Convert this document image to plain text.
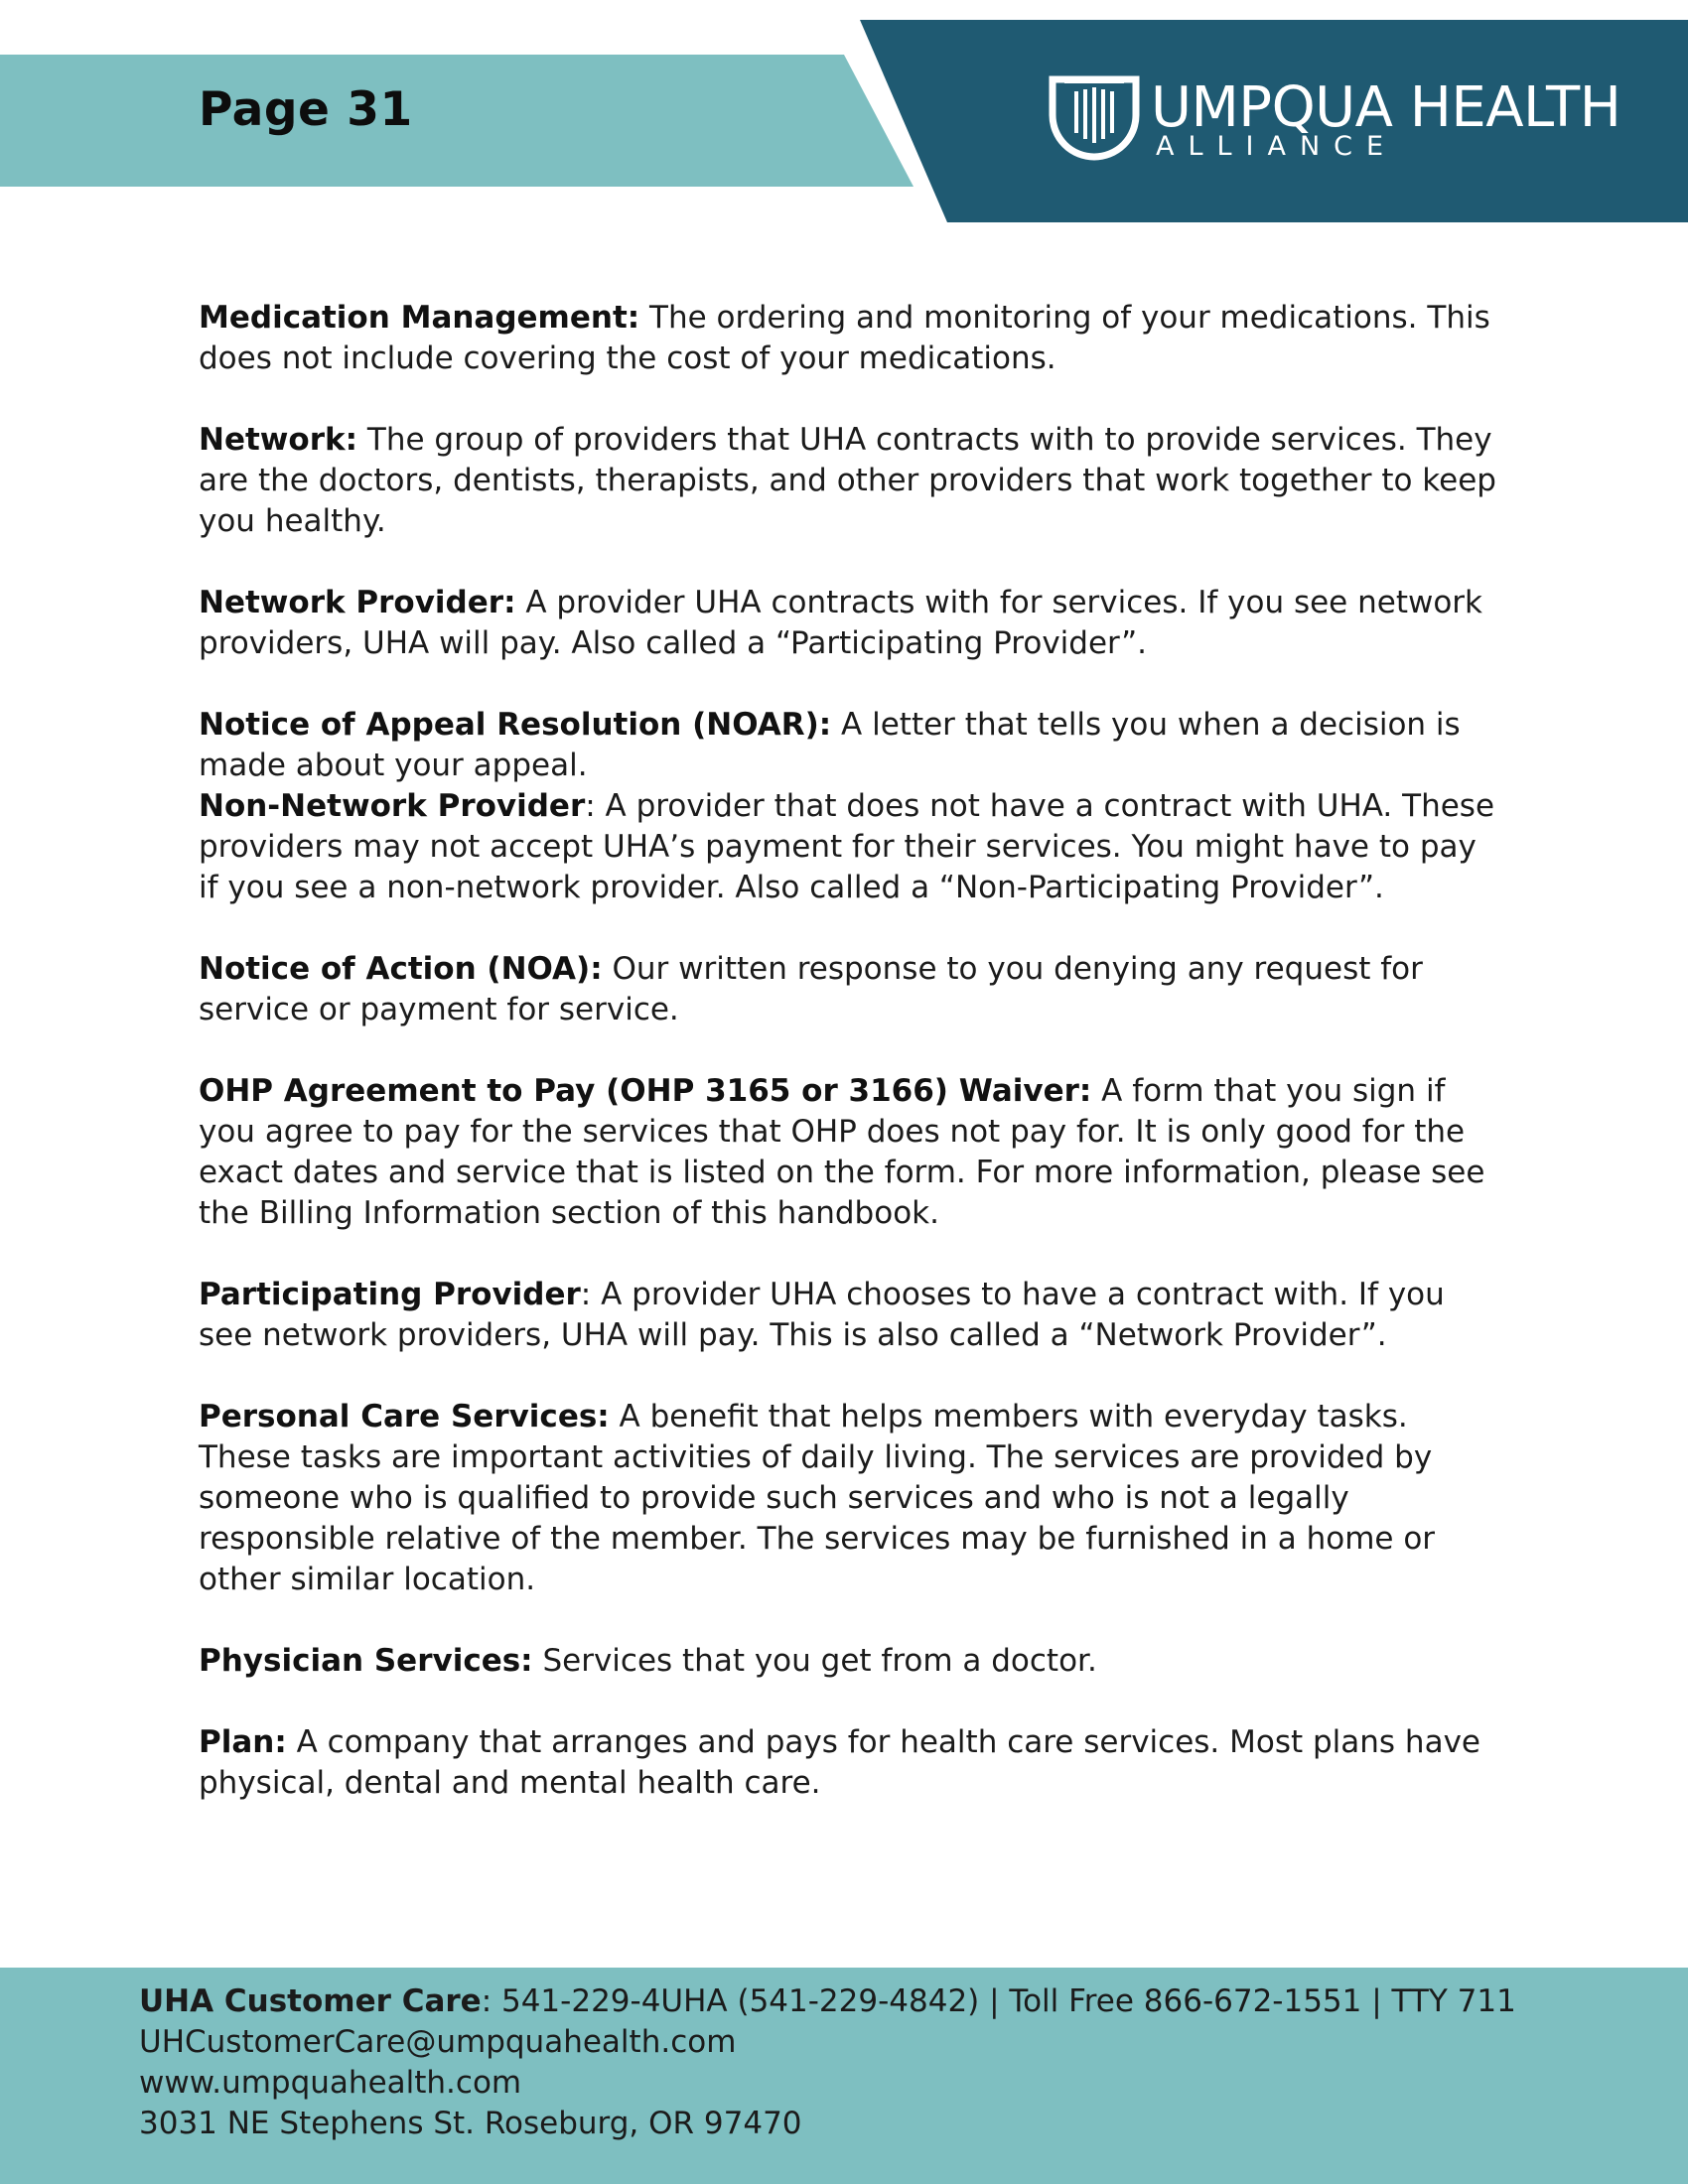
Page 31	UMPQUA HEALTH
ALLIANCE

Medication Management: The ordering and monitoring of your medications. This does not include covering the cost of your medications.

Network: The group of providers that UHA contracts with to provide services. They are the doctors, dentists, therapists, and other providers that work together to keep you healthy.

Network Provider: A provider UHA contracts with for services. If you see network providers, UHA will pay. Also called a “Participating Provider”.

Notice of Appeal Resolution (NOAR): A letter that tells you when a decision is made about your appeal.

Non-Network Provider: A provider that does not have a contract with UHA. These providers may not accept UHA’s payment for their services. You might have to pay if you see a non-network provider. Also called a “Non-Participating Provider”.

Notice of Action (NOA): Our written response to you denying any request for service or payment for service.

OHP Agreement to Pay (OHP 3165 or 3166) Waiver: A form that you sign if you agree to pay for the services that OHP does not pay for. It is only good for the exact dates and service that is listed on the form. For more information, please see the Billing Information section of this handbook.

Participating Provider: A provider UHA chooses to have a contract with. If you see network providers, UHA will pay. This is also called a “Network Provider”.

Personal Care Services: A benefit that helps members with everyday tasks. These tasks are important activities of daily living. The services are provided by someone who is qualified to provide such services and who is not a legally responsible relative of the member. The services may be furnished in a home or other similar location.

Physician Services: Services that you get from a doctor.

Plan: A company that arranges and pays for health care services. Most plans have physical, dental and mental health care.

UHA Customer Care: 541-229-4UHA (541-229-4842) | Toll Free 866-672-1551 | TTY 711
UHCustomerCare@umpquahealth.com
www.umpquahealth.com
3031 NE Stephens St. Roseburg, OR 97470
